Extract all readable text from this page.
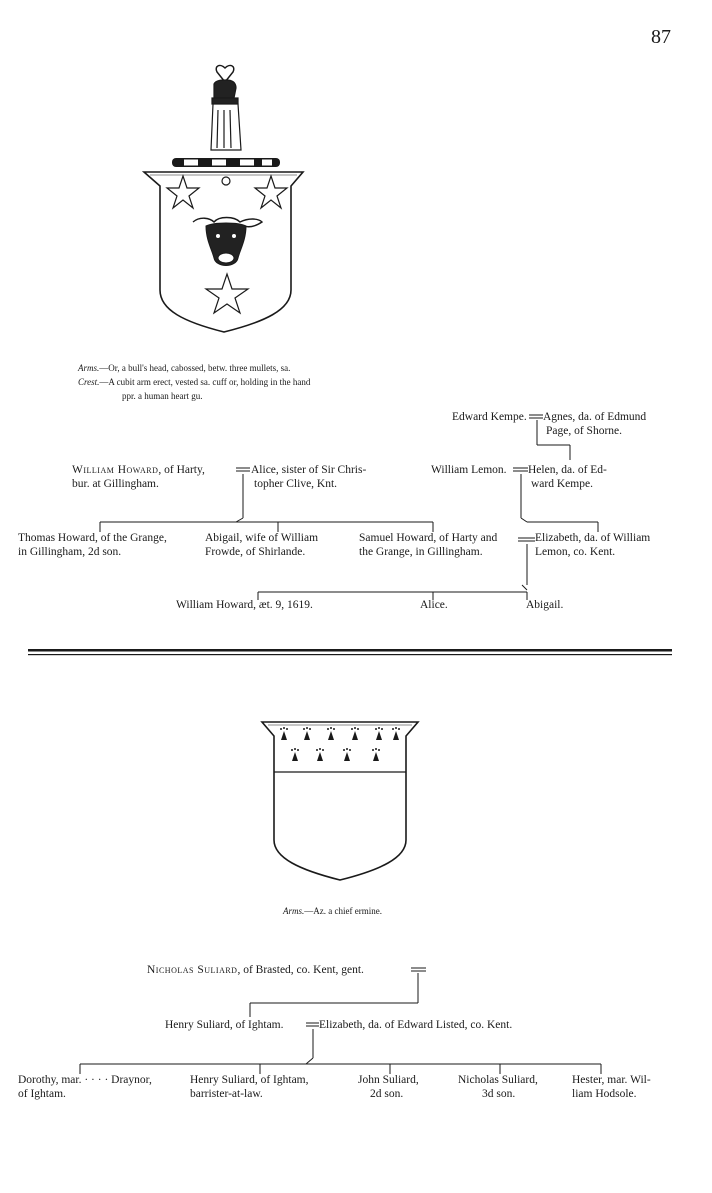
87
Arms.—Or, a bull's head, cabossed, betw. three mullets, sa.
Crest.—A cubit arm erect, vested sa. cuff or, holding in the hand
ppr. a human heart gu.
Edward Kempe. Agnes, da. of Edmund
Page, of Shorne.
William Lemon. Helen, da. of Ed-
ward Kempe.
William Howard, of Harty,
bur. at Gillingham.
Alice, sister of Sir Chris-
topher Clive, Knt.
Thomas Howard, of the Grange,
in Gillingham, 2d son.
Abigail, wife of William
Frowde, of Shirlande.
Samuel Howard, of Harty and
the Grange, in Gillingham.
Elizabeth, da. of William
Lemon, co. Kent.
William Howard, æt. 9, 1619.	Alice.	Abigail.
Arms.—Az. a chief ermine.
Nicholas Suliard, of Brasted, co. Kent, gent.
Henry Suliard, of Ightam.	Elizabeth, da. of Edward Listed, co. Kent.
Dorothy, mar. · · · · Draynor,
of Ightam.
Henry Suliard, of Ightam,
barrister-at-law.
John Suliard,
2d son.
Nicholas Suliard,
3d son.
Hester, mar. Wil-
liam Hodsole.
